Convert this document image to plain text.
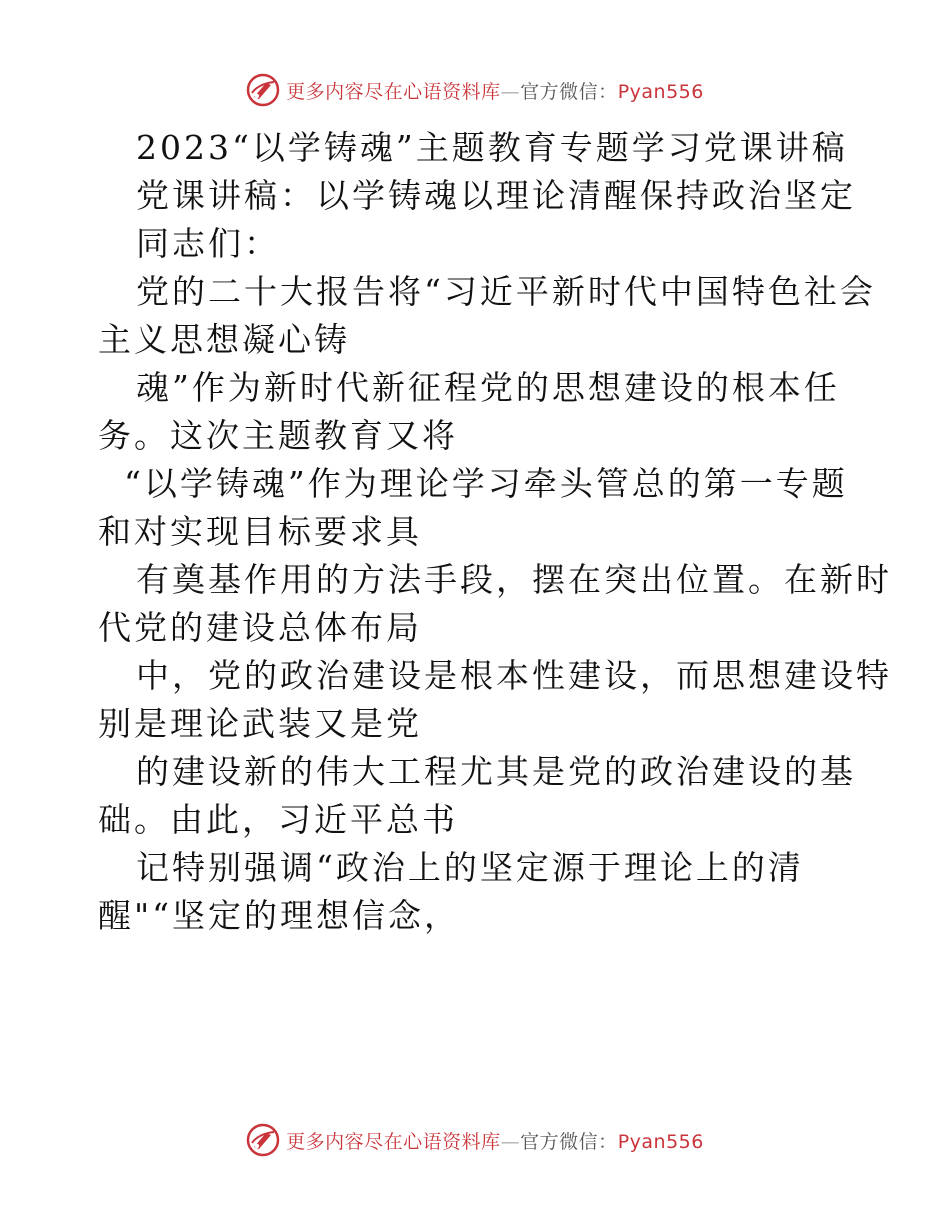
更多内容尽在心语资料库—官方微信：Pyan556
2023“以学铸魂”主题教育专题学习党课讲稿
党课讲稿：以学铸魂以理论清醒保持政治坚定
同志们：
党的二十大报告将“习近平新时代中国特色社会
主义思想凝心铸
魂”作为新时代新征程党的思想建设的根本任
务。这次主题教育又将
“以学铸魂”作为理论学习牵头管总的第一专题
和对实现目标要求具
有奠基作用的方法手段，摆在突出位置。在新时
代党的建设总体布局
中，党的政治建设是根本性建设，而思想建设特
别是理论武装又是党
的建设新的伟大工程尤其是党的政治建设的基
础。由此，习近平总书
记特别强调“政治上的坚定源于理论上的清
醒"“坚定的理想信念，
更多内容尽在心语资料库—官方微信：Pyan556
